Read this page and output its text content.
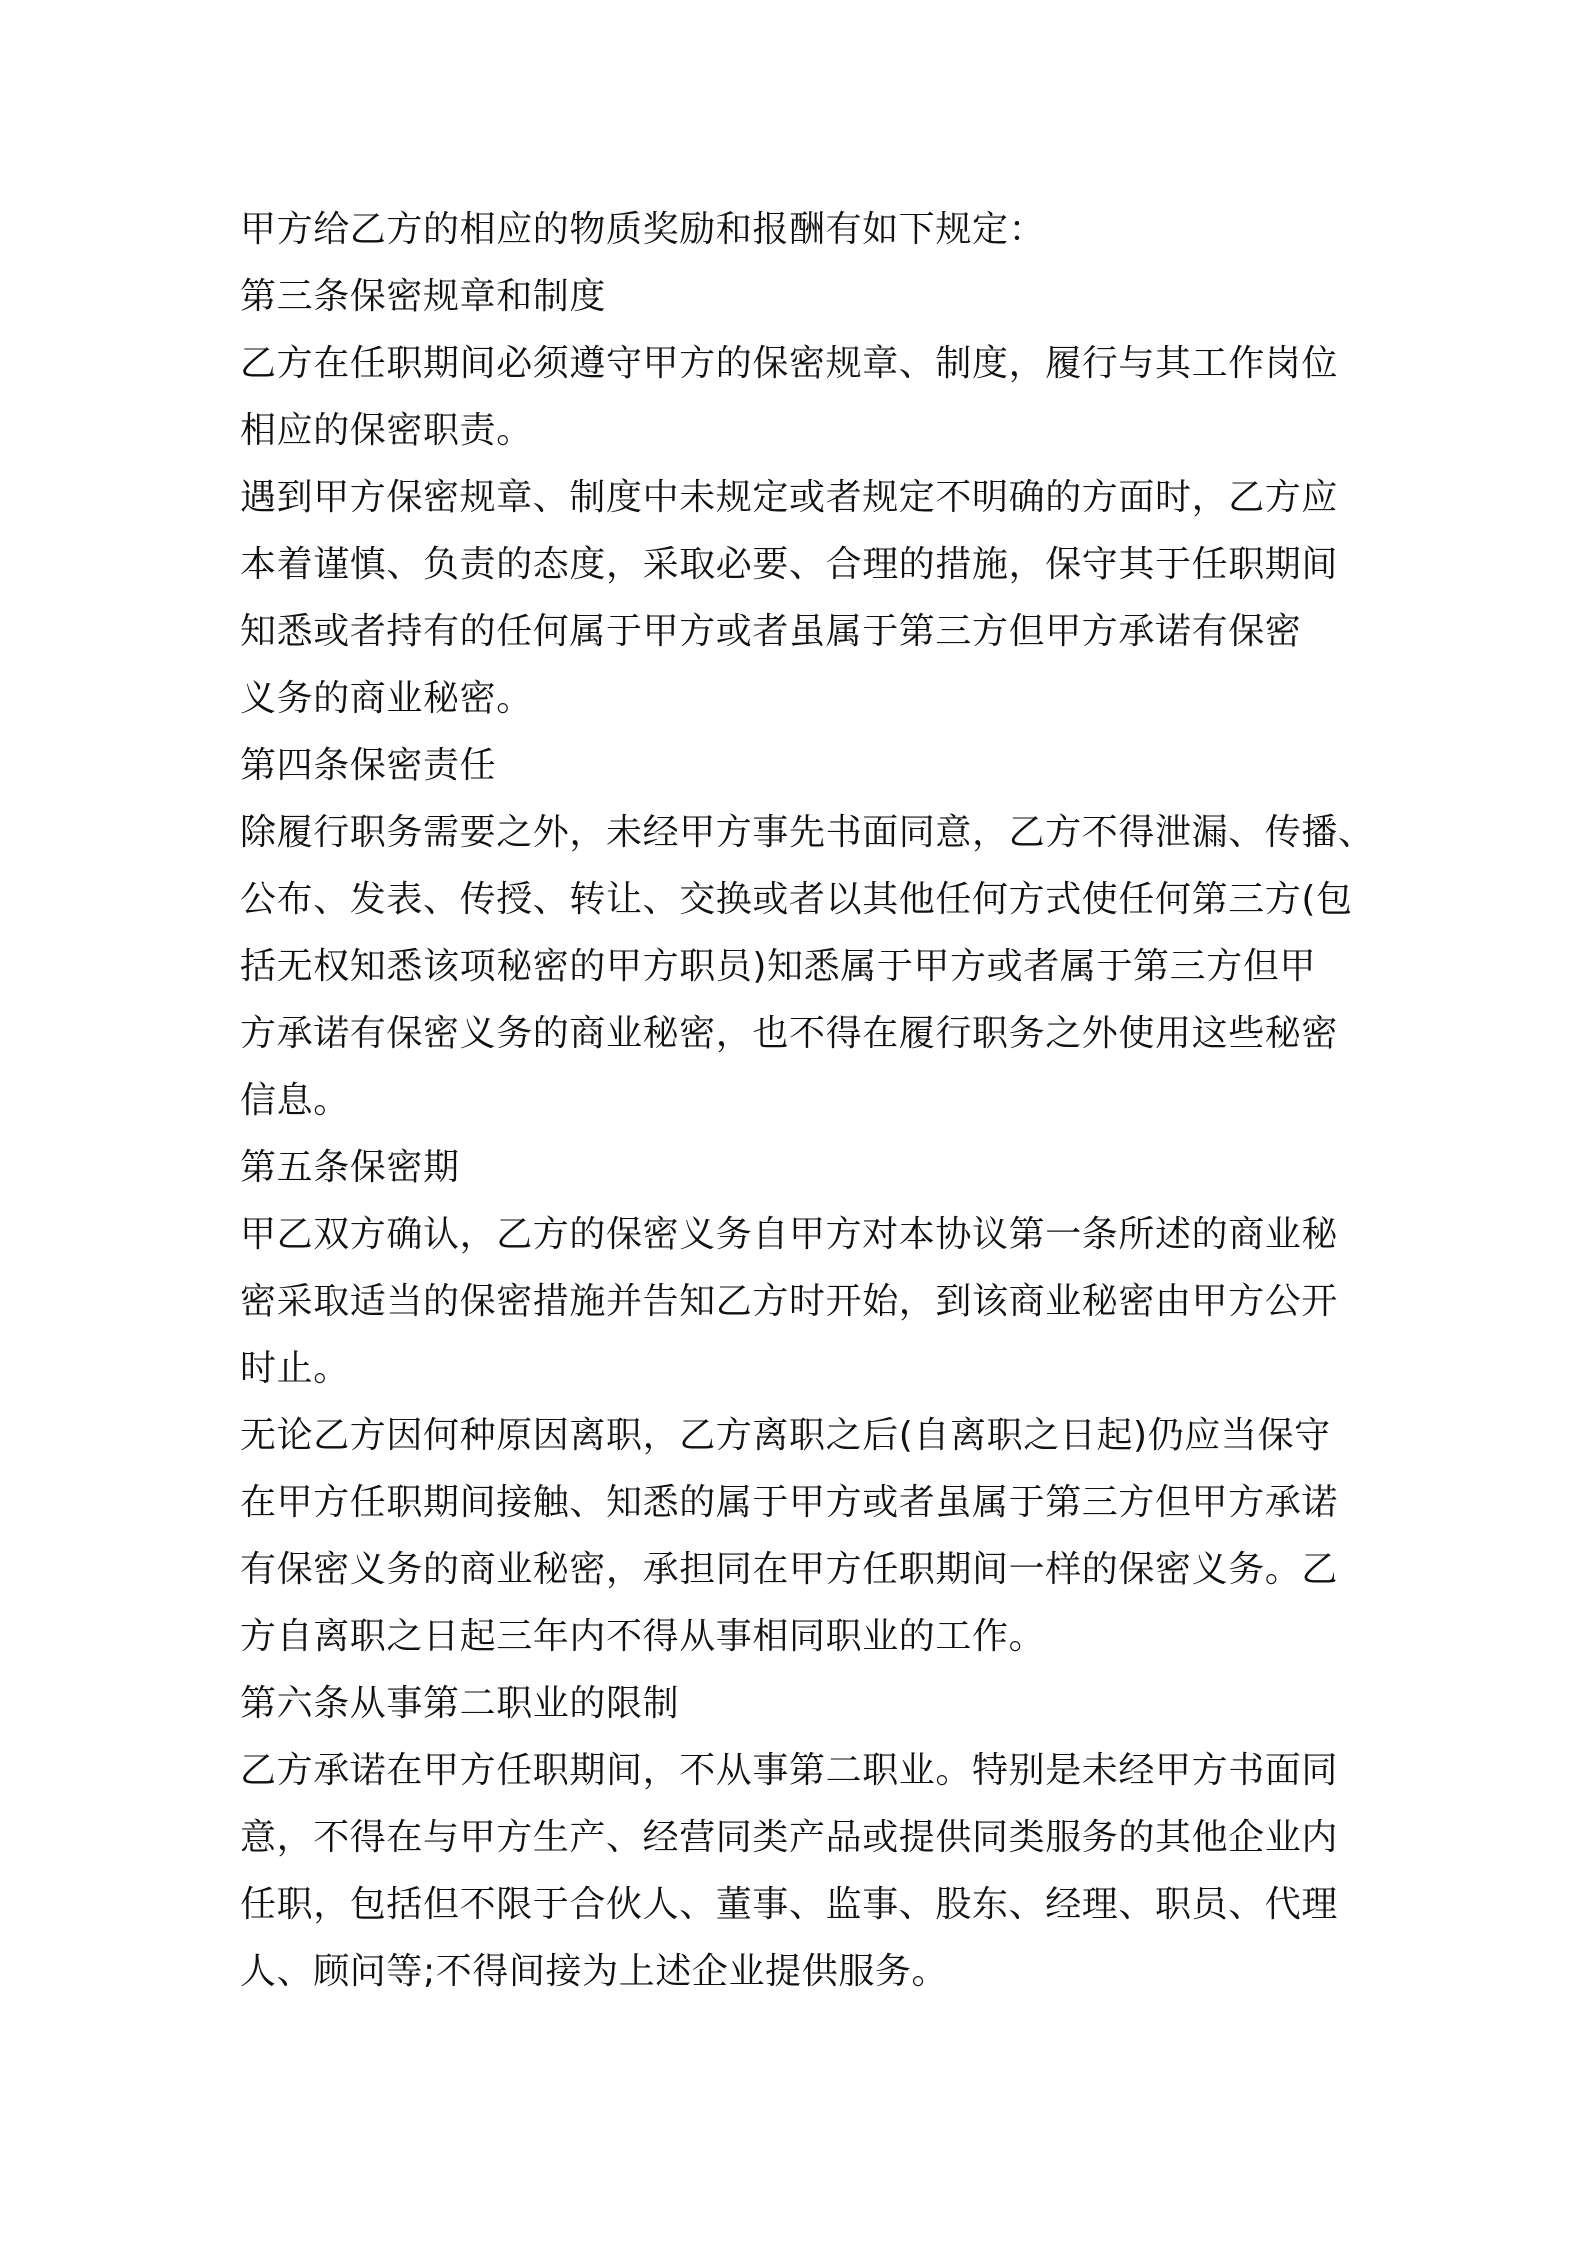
甲方给乙方的相应的物质奖励和报酬有如下规定：
第三条保密规章和制度
乙方在任职期间必须遵守甲方的保密规章、制度，履行与其工作岗位
相应的保密职责。
遇到甲方保密规章、制度中未规定或者规定不明确的方面时，乙方应
本着谨慎、负责的态度，采取必要、合理的措施，保守其于任职期间
知悉或者持有的任何属于甲方或者虽属于第三方但甲方承诺有保密
义务的商业秘密。
第四条保密责任
除履行职务需要之外，未经甲方事先书面同意，乙方不得泄漏、传播、
公布、发表、传授、转让、交换或者以其他任何方式使任何第三方(包
括无权知悉该项秘密的甲方职员)知悉属于甲方或者属于第三方但甲
方承诺有保密义务的商业秘密，也不得在履行职务之外使用这些秘密
信息。
第五条保密期
甲乙双方确认，乙方的保密义务自甲方对本协议第一条所述的商业秘
密采取适当的保密措施并告知乙方时开始，到该商业秘密由甲方公开
时止。
无论乙方因何种原因离职，乙方离职之后(自离职之日起)仍应当保守
在甲方任职期间接触、知悉的属于甲方或者虽属于第三方但甲方承诺
有保密义务的商业秘密，承担同在甲方任职期间一样的保密义务。乙
方自离职之日起三年内不得从事相同职业的工作。
第六条从事第二职业的限制
乙方承诺在甲方任职期间，不从事第二职业。特别是未经甲方书面同
意，不得在与甲方生产、经营同类产品或提供同类服务的其他企业内
任职，包括但不限于合伙人、董事、监事、股东、经理、职员、代理
人、顾问等;不得间接为上述企业提供服务。
